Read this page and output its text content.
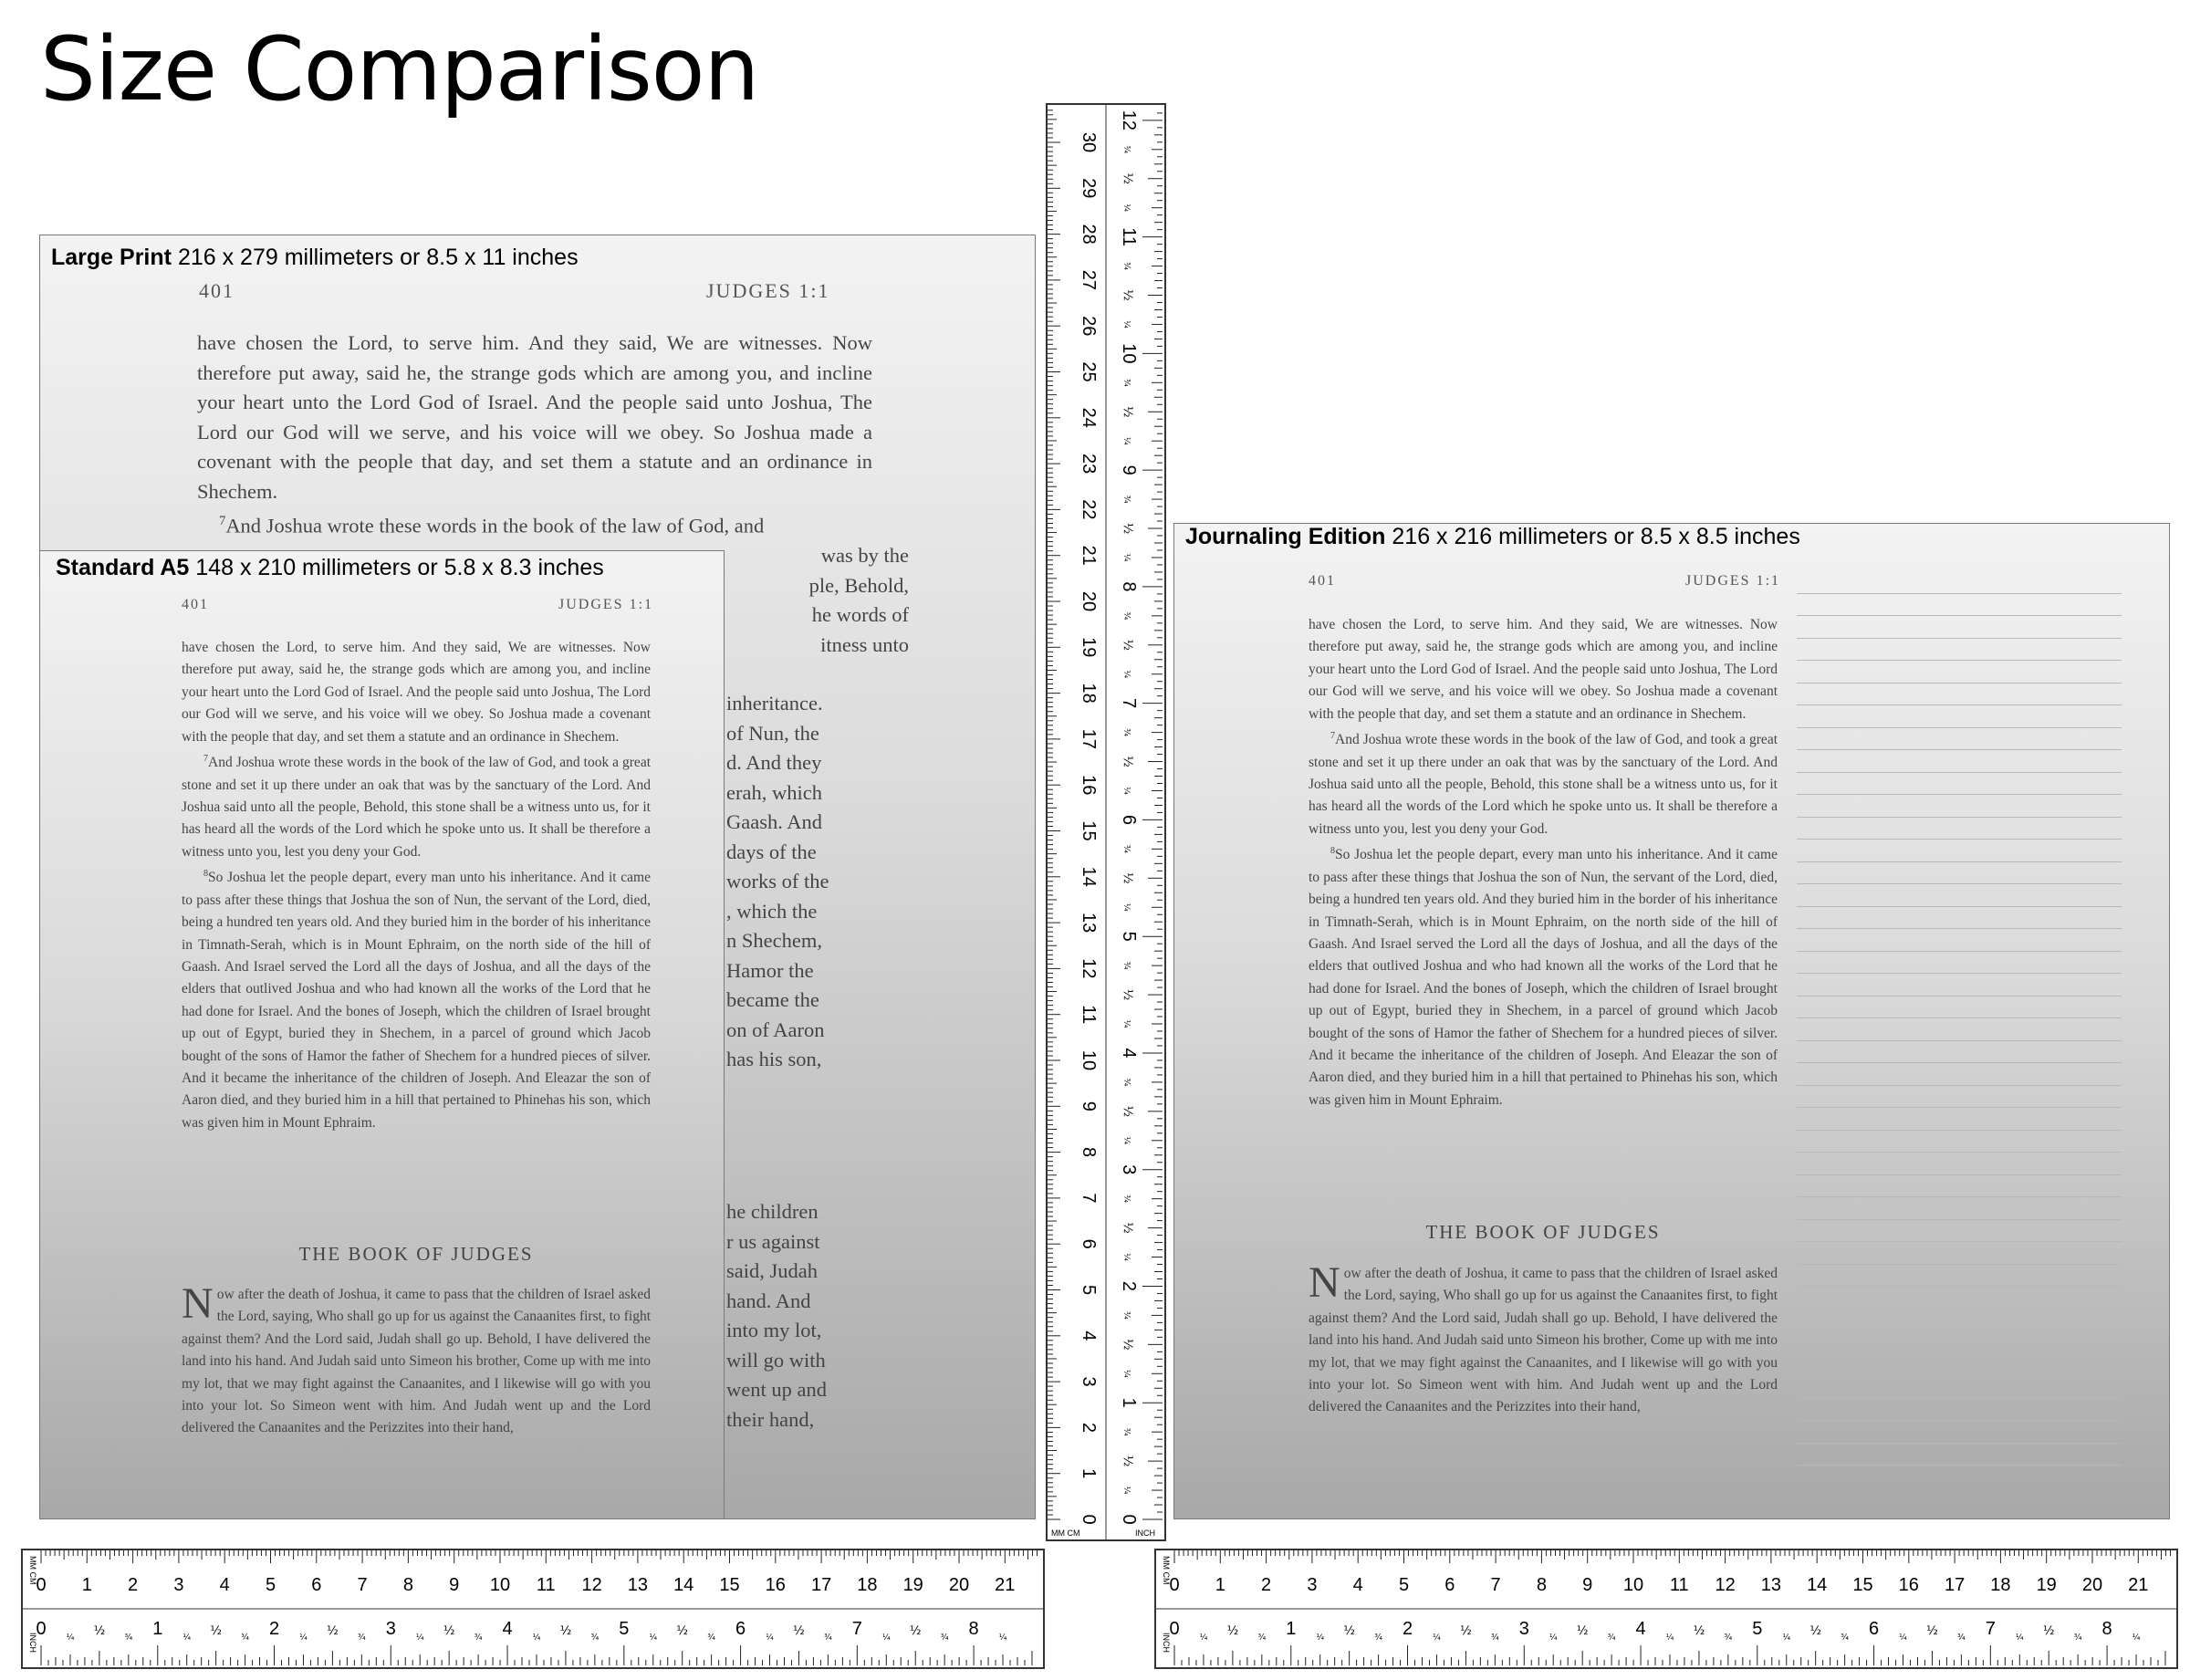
Size Comparison
Large Print 216 x 279 millimeters or 8.5 x 11 inches
401	JUDGES 1:1

have chosen the Lord, to serve him. And they said, We are witnesses. Now therefore put away, said he, the strange gods which are among you, and incline your heart unto the Lord God of Israel. And the people said unto Joshua, The Lord our God will we serve, and his voice will we obey. So Joshua made a covenant with the people that day, and set them a statute and an ordinance in Shechem.

$^7$And Joshua wrote these words in the book of the law of God, and

was by the

ple, Behold,

he words of

itness unto

inheritance.

of Nun, the

d. And they

erah, which

Gaash. And

days of the

works of the

, which the

n Shechem,

Hamor the

became the

on of Aaron

has his son,

he children

r us against

said, Judah

hand. And

into my lot,

will go with

went up and

their hand,

Standard A5 148 x 210 millimeters or 5.8 x 8.3 inches
401	JUDGES 1:1

have chosen the Lord, to serve him. And they said, We are witnesses. Now therefore put away, said he, the strange gods which are among you, and incline your heart unto the Lord God of Israel. And the people said unto Joshua, The Lord our God will we serve, and his voice will we obey. So Joshua made a covenant with the people that day, and set them a statute and an ordinance in Shechem.

$^7$And Joshua wrote these words in the book of the law of God, and took a great stone and set it up there under an oak that was by the sanctuary of the Lord. And Joshua said unto all the people, Behold, this stone shall be a witness unto us, for it has heard all the words of the Lord which he spoke unto us. It shall be therefore a witness unto you, lest you deny your God.

$^8$So Joshua let the people depart, every man unto his inheritance. And it came to pass after these things that Joshua the son of Nun, the servant of the Lord, died, being a hundred ten years old. And they buried him in the border of his inheritance in Timnath-Serah, which is in Mount Ephraim, on the north side of the hill of Gaash. And Israel served the Lord all the days of Joshua, and all the days of the elders that outlived Joshua and who had known all the works of the Lord that he had done for Israel. And the bones of Joseph, which the children of Israel brought up out of Egypt, buried they in Shechem, in a parcel of ground which Jacob bought of the sons of Hamor the father of Shechem for a hundred pieces of silver. And it became the inheritance of the children of Joseph. And Eleazar the son of Aaron died, and they buried him in a hill that pertained to Phinehas his son, which was given him in Mount Ephraim.

THE BOOK OF JUDGES
Now after the death of Joshua, it came to pass that the children of Israel asked the Lord, saying, Who shall go up for us against the Canaanites first, to fight against them? And the Lord said, Judah shall go up. Behold, I have delivered the land into his hand. And Judah said unto Simeon his brother, Come up with me into my lot, that we may fight against the Canaanites, and I likewise will go with you into your lot. So Simeon went with him. And Judah went up and the Lord delivered the Canaanites and the Perizzites into their hand,
Journaling Edition 216 x 216 millimeters or 8.5 x 8.5 inches
401	JUDGES 1:1

have chosen the Lord, to serve him. And they said, We are witnesses. Now therefore put away, said he, the strange gods which are among you, and incline your heart unto the Lord God of Israel. And the people said unto Joshua, The Lord our God will we serve, and his voice will we obey. So Joshua made a covenant with the people that day, and set them a statute and an ordinance in Shechem.

$^7$And Joshua wrote these words in the book of the law of God, and took a great stone and set it up there under an oak that was by the sanctuary of the Lord. And Joshua said unto all the people, Behold, this stone shall be a witness unto us, for it has heard all the words of the Lord which he spoke unto us. It shall be therefore a witness unto you, lest you deny your God.

$^8$So Joshua let the people depart, every man unto his inheritance. And it came to pass after these things that Joshua the son of Nun, the servant of the Lord, died, being a hundred ten years old. And they buried him in the border of his inheritance in Timnath-Serah, which is in Mount Ephraim, on the north side of the hill of Gaash. And Israel served the Lord all the days of Joshua, and all the days of the elders that outlived Joshua and who had known all the works of the Lord that he had done for Israel. And the bones of Joseph, which the children of Israel brought up out of Egypt, buried they in Shechem, in a parcel of ground which Jacob bought of the sons of Hamor the father of Shechem for a hundred pieces of silver. And it became the inheritance of the children of Joseph. And Eleazar the son of Aaron died, and they buried him in a hill that pertained to Phinehas his son, which was given him in Mount Ephraim.

THE BOOK OF JUDGES
Now after the death of Joshua, it came to pass that the children of Israel asked the Lord, saying, Who shall go up for us against the Canaanites first, to fight against them? And the Lord said, Judah shall go up. Behold, I have delivered the land into his hand. And Judah said unto Simeon his brother, Come up with me into my lot, that we may fight against the Canaanites, and I likewise will go with you into your lot. So Simeon went with him. And Judah went up and the Lord delivered the Canaanites and the Perizzites into their hand,
MM CM	INCH
0
1
2
3
4
5
6
7
8
9
10
11
12
13
14
15
16
17
18
19
20
21
22
23
24
25
26
27
28
29
30
0
1
2
3
4
5
6
7
8
9
10
11
12
¼
½
¾
¼
½
¾
¼
½
¾
¼
½
¾
¼
½
¾
¼
½
¾
¼
½
¾
¼
½
¾
¼
½
¾
¼
½
¾
¼
½
¾
¼
½
¾
MM CM
INCH
0 1 2 3 4 5 6 7 8 9 10 11 12 13 14 15 16 17 18 19 20 21
0	1	2	3	4	5	6	7	8
¼ ½ ¾	¼ ½ ¾	¼ ½ ¾	¼ ½ ¾	¼ ½ ¾	¼ ½ ¾	¼ ½ ¾	¼ ½ ¾	¼
MM CM
INCH
0 1 2 3 4 5 6 7 8 9 10 11 12 13 14 15 16 17 18 19 20 21
0	1	2	3	4	5	6	7	8
¼ ½ ¾	¼ ½ ¾	¼ ½ ¾	¼ ½ ¾	¼ ½ ¾	¼ ½ ¾	¼ ½ ¾	¼ ½ ¾	¼
